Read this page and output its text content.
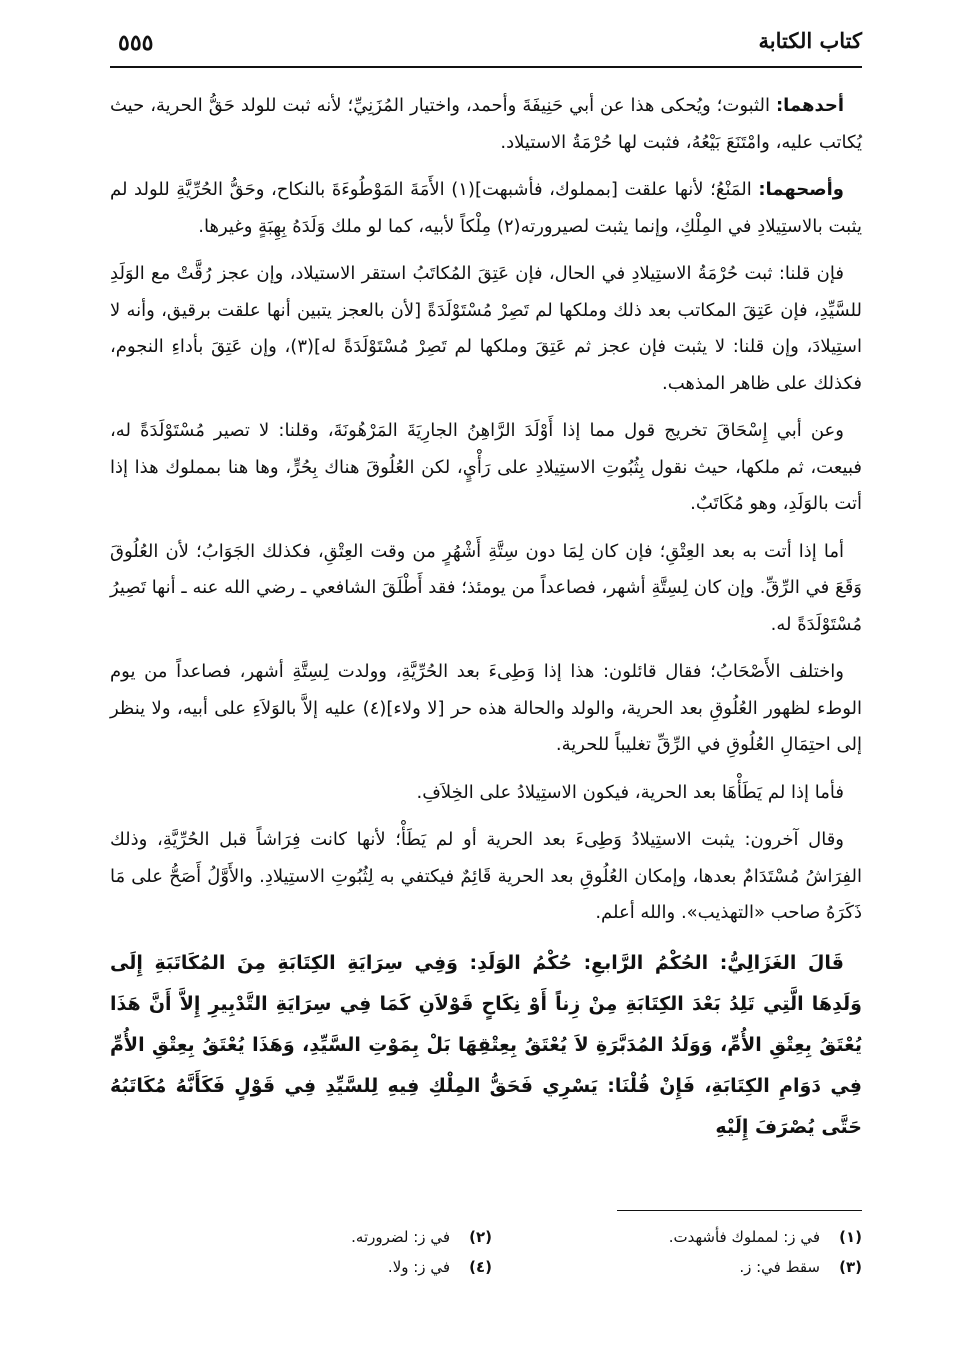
كتاب الكتابة
٥٥٥

أحدهما: الثبوت؛ ويُحكى هذا عن أبي حَنِيفَةَ وأحمد، واختيار المُزَنِيِّ؛ لأنه ثبت للولد حَقُّ الحرية، حيث يُكاتب عليه، وامْتَنَعَ بَيْعُهُ، فثبت لها حُرْمَةُ الاستيلاد.

وأصحهما: المَنْعُ؛ لأنها علقت [بمملوك، فأشبهت](١) الأَمَةَ المَوْطُوءَةَ بالنكاح، وحَقُّ الحُرِّيَّةِ للولد لم يثبت بالاستِيلادِ في المِلْكِ، وإنما يثبت لصيرورته(٢) مِلْكاً لأبيه، كما لو ملك وَلَدَهُ بِهِبَةٍ وغيرها.

فإن قلنا: ثبت حُرْمَةُ الاستِيلادِ في الحال، فإن عَتِقَ المُكاتَبُ استقر الاستيلاد، وإن عجز رُقَّتْ مع الوَلَدِ للسَّيِّدِ، فإن عَتِقَ المكاتب بعد ذلك وملكها لم تَصِرْ مُسْتَوْلَدَةً [لأن بالعجز يتبين أنها علقت برقيق، وأنه لا استِيلادَ، وإن قلنا: لا يثبت فإن عجز ثم عَتِقَ وملكها لم تَصِرْ مُسْتَوْلَدَةً له](٣)، وإن عَتِقَ بأداءِ النجوم، فكذلك على ظاهر المذهب.

وعن أبي إِسْحَاقَ تخريج قول مما إذا أَوْلَدَ الرَّاهِنُ الجارِيَةَ المَرْهُونَةَ، وقلنا: لا تصير مُسْتَوْلَدَةً له، فبيعت، ثم ملكها، حيث نقول بِثُبُوتِ الاستِيلادِ على رَأْيٍ، لكن العُلُوقَ هناك بِحُرٍّ، وها هنا بمملوك هذا إذا أتت بالوَلَدِ، وهو مُكَاتَبٌ.

أما إذا أتت به بعد العِتْقِ؛ فإن كان لِمَا دون سِتَّةِ أَشْهُرٍ من وقت العِتْقِ، فكذلك الجَوَابُ؛ لأن العُلُوقَ وَقَعَ في الرِّقِّ. وإن كان لِسِتَّةِ أشهر، فصاعداً من يومئذ؛ فقد أَطْلَقَ الشافعي ـ رضي الله عنه ـ أنها تَصِيرُ مُسْتَوْلَدَةً له.

واختلف الأَصْحَابُ؛ فقال قائلون: هذا إذا وَطِىءَ بعد الحُرِّيَّةِ، وولدت لِسِتَّةِ أشهر، فصاعداً من يوم الوطء لظهور العُلُوقِ بعد الحرية، والولد والحالة هذه حر [لا ولاء](٤) عليه إلاَّ بالوَلاَءِ على أبيه، ولا ينظر إلى احتِمَالِ العُلُوقِ في الرِّقِّ تغليباً للحرية.

فأما إذا لم يَطَأْهَا بعد الحرية، فيكون الاستِيلادُ على الخِلاَفِ.

وقال آخرون: يثبت الاستِيلادُ وَطِىءَ بعد الحرية أو لم يَطَأْ؛ لأنها كانت فِرَاشاً قبل الحُرِّيَّةِ، وذلك الفِرَاشُ مُسْتَدَامٌ بعدها، وإمكان العُلُوقِ بعد الحرية قَائِمٌ فيكتفي به لِثُبُوتِ الاستِيلادِ. والأَوَّلُ أَصَحُّ على مَا ذَكَرَهُ صاحب «التهذيب». والله أعلم.

قَالَ الغَزَالِيُّ: الحُكْمُ الرَّابعِ: حُكْمُ الوَلَدِ: وَفِي سِرَايَةِ الكِتَابَةِ مِنَ المُكَاتَبَةِ إِلَى وَلَدِهَا الَّتِي تَلِدُ بَعْدَ الكِتَابَةِ مِنْ زِناً أَوْ نِكَاحٍ قَوْلاَنِ كَمَا فِي سِرَايَةِ التَّدْبِيرِ إِلاَّ أَنَّ هَذَا يُعْتَقُ بِعِتْقِ الأُمِّ، وَوَلَدُ المُدَبَّرَةِ لاَ يُعْتَقُ بِعِتْقِهَا بَلْ بِمَوْتِ السَّيِّدِ، وَهَذَا يُعْتَقُ بِعِتْقِ الأُمِّ فِي دَوَامِ الكِتَابَةِ، فَإِنْ قُلْنَا: يَسْرِي فَحَقُّ المِلْكِ فِيهِ لِلسَّيِّدِ فِي قَوْلٍ فَكَأَنَّهُ مُكَاتَبُهُ حَتَّى يُصْرَفَ إِلَيْهِ

(١)في ز: لمملوك فأشهدت.
(٢)في ز: لضرورته.
(٣)سقط في: ز.
(٤)في ز: ولا.
